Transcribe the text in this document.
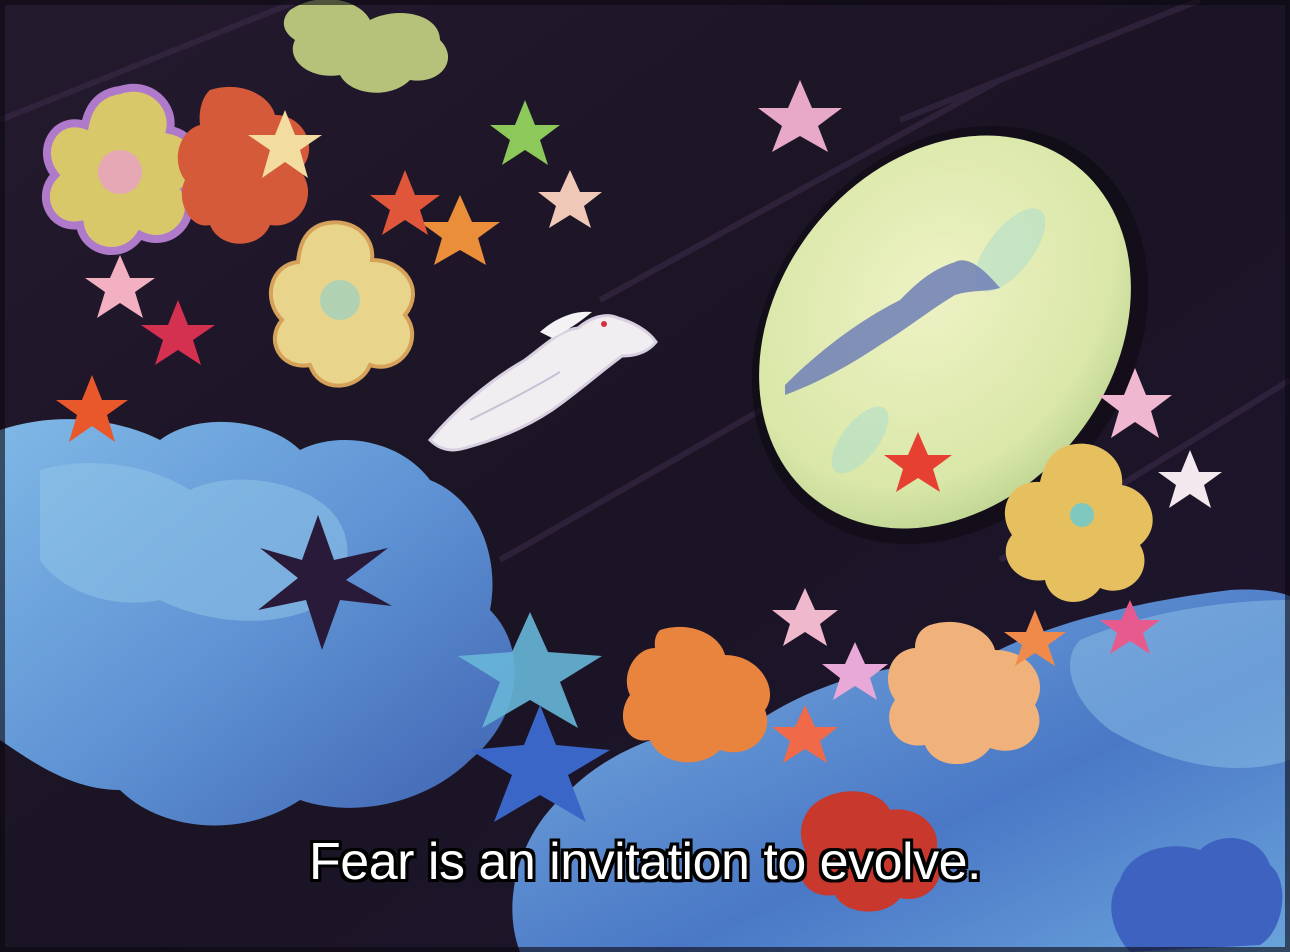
Fear is an invitation to evolve.
